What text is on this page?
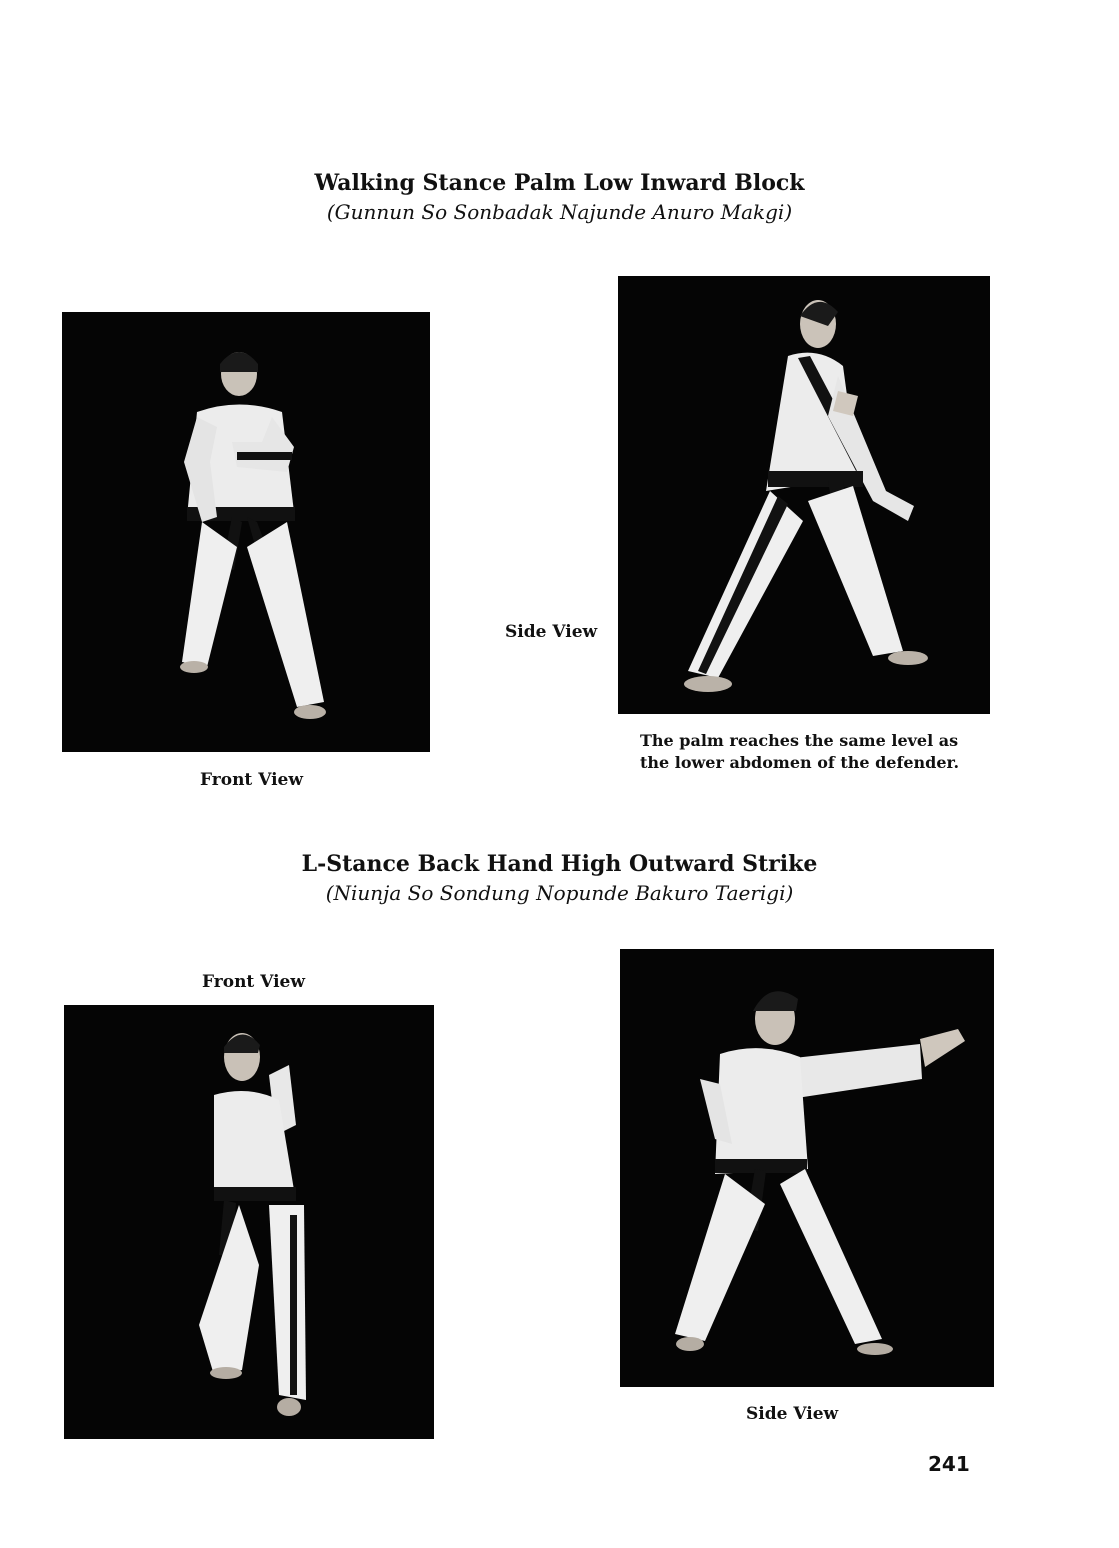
Walking Stance Palm Low Inward Block
(Gunnun So Sonbadak Najunde Anuro Makgi)
Front View
Side View
The palm reaches the same level as
the lower abdomen of the defender.
L-Stance Back Hand High Outward Strike
(Niunja So Sondung Nopunde Bakuro Taerigi)
Front View
Side View
241
